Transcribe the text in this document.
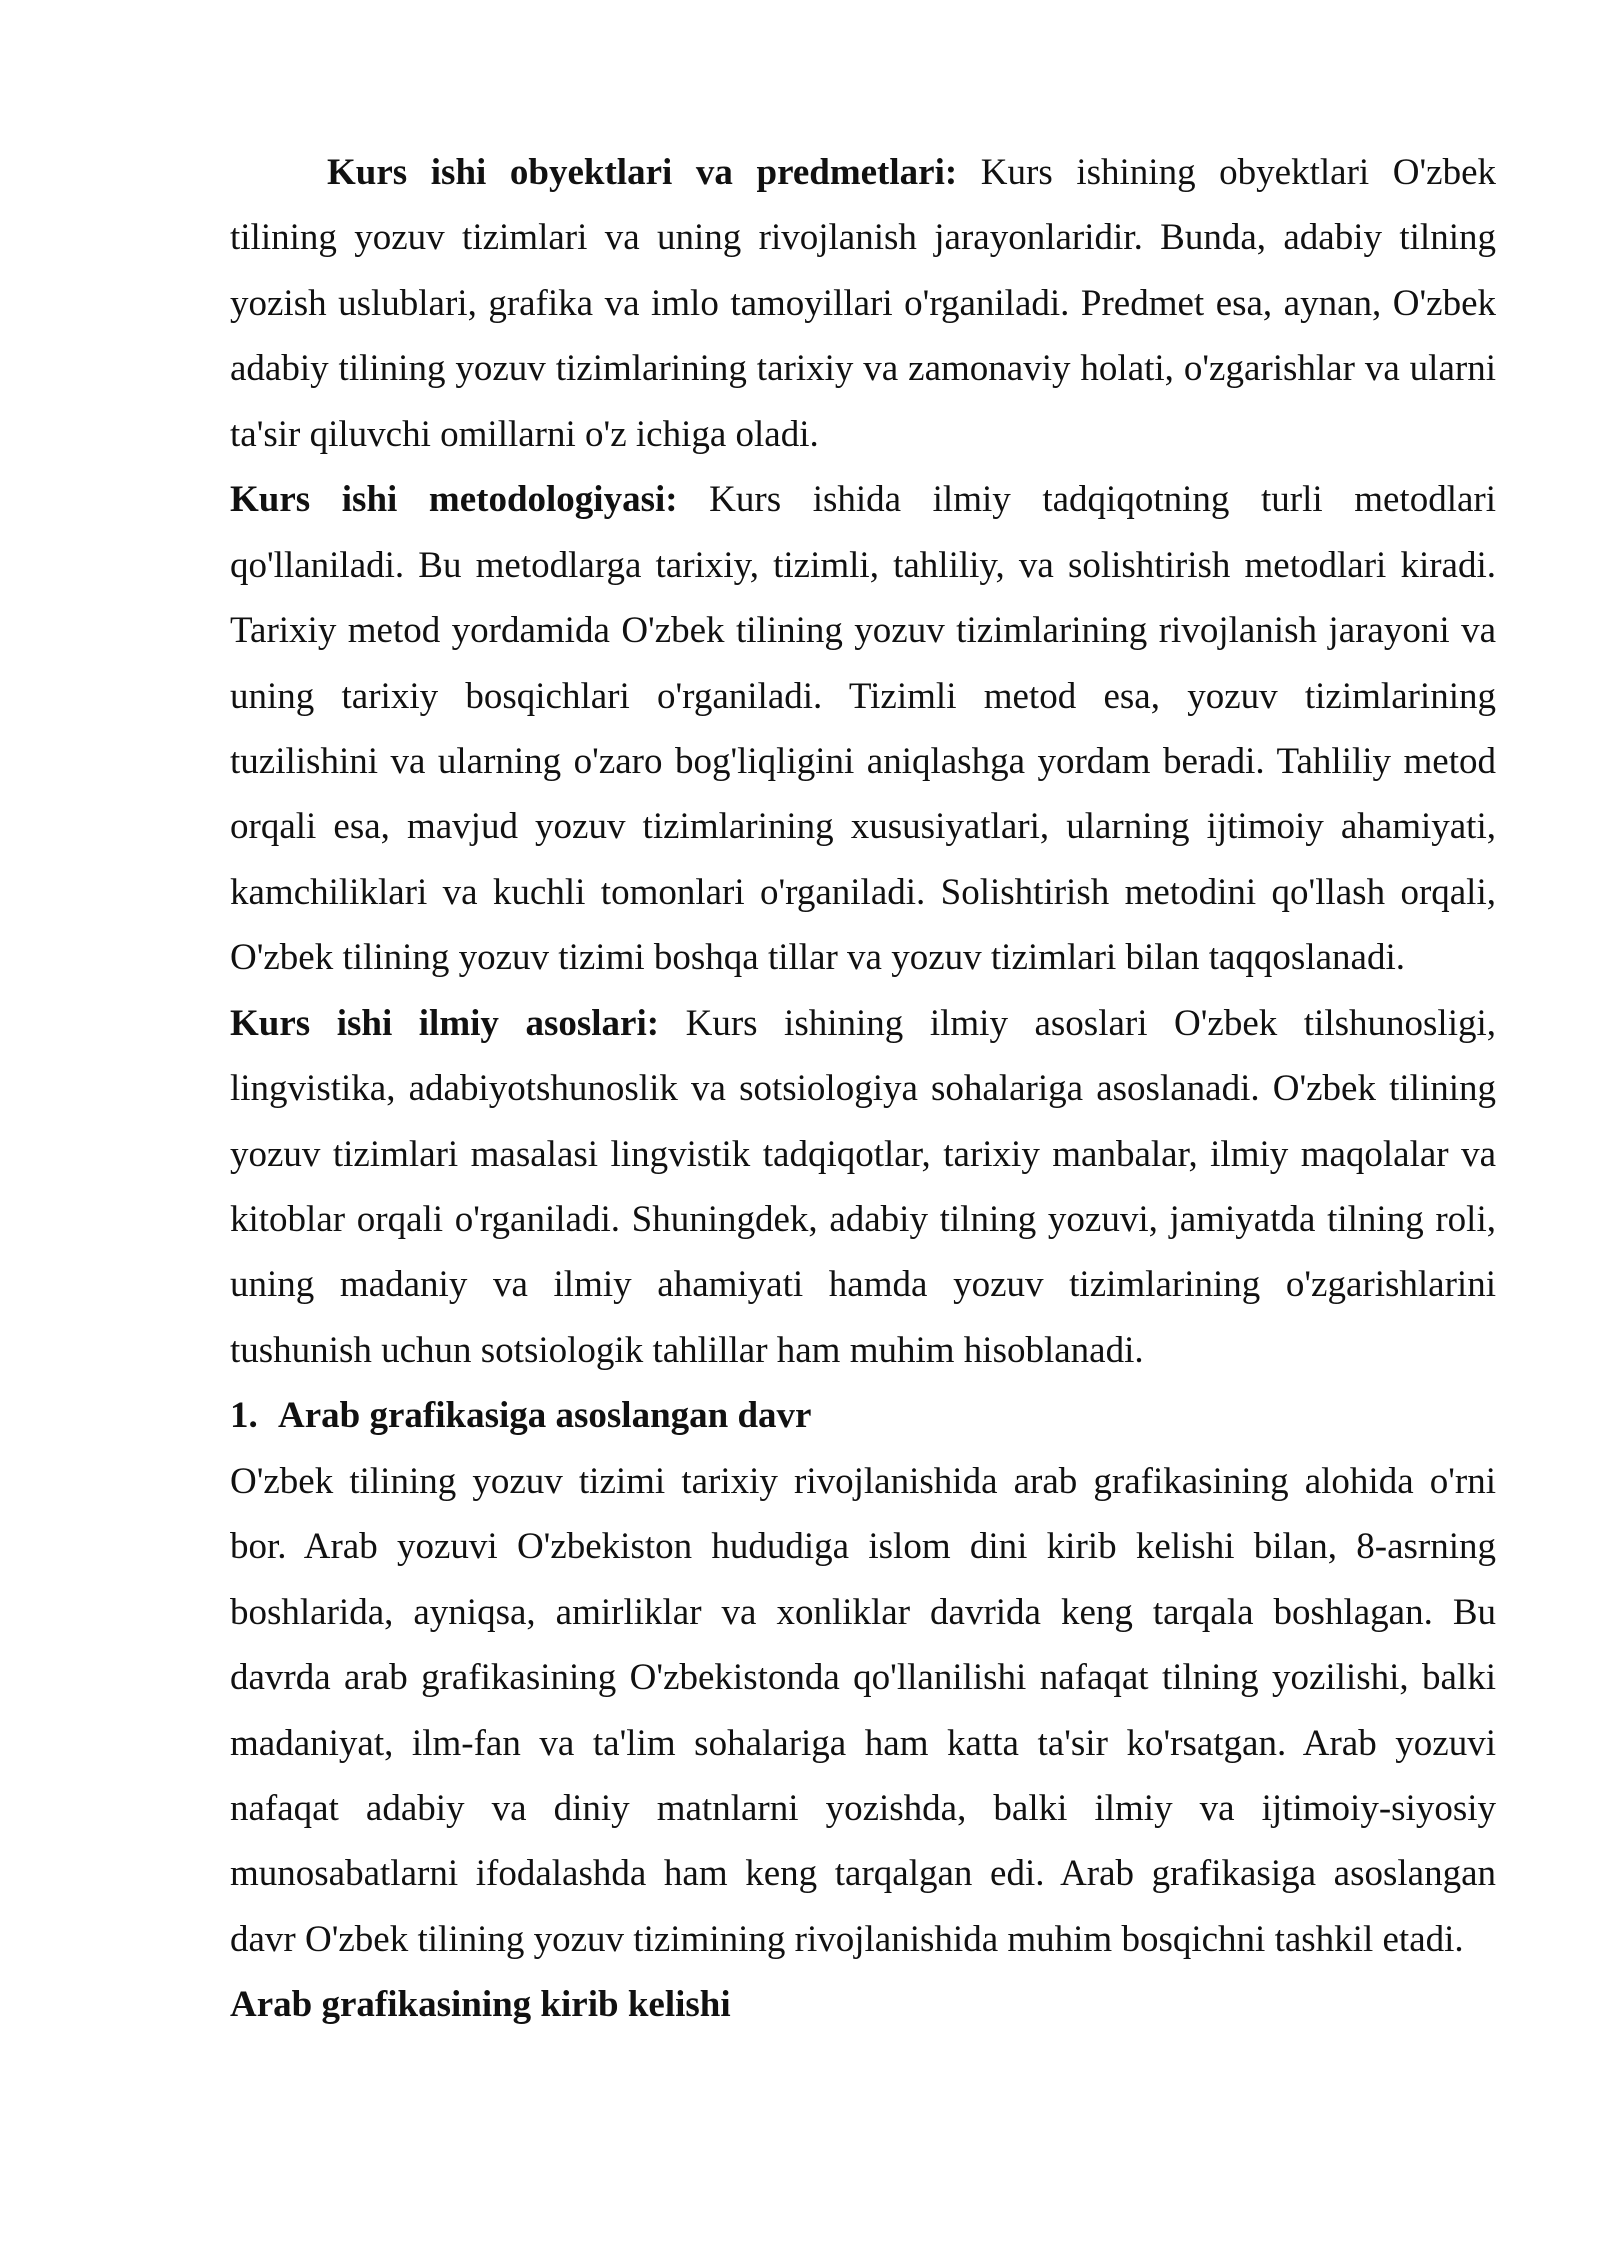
Kurs ishi obyektlari va predmetlari: Kurs ishining obyektlari O'zbek
tilining yozuv tizimlari va uning rivojlanish jarayonlaridir. Bunda, adabiy tilning
yozish uslublari, grafika va imlo tamoyillari o'rganiladi. Predmet esa, aynan, O'zbek
adabiy tilining yozuv tizimlarining tarixiy va zamonaviy holati, o'zgarishlar va ularni
ta'sir qiluvchi omillarni o'z ichiga oladi.
Kurs ishi metodologiyasi: Kurs ishida ilmiy tadqiqotning turli metodlari
qo'llaniladi. Bu metodlarga tarixiy, tizimli, tahliliy, va solishtirish metodlari kiradi.
Tarixiy metod yordamida O'zbek tilining yozuv tizimlarining rivojlanish jarayoni va
uning tarixiy bosqichlari o'rganiladi. Tizimli metod esa, yozuv tizimlarining
tuzilishini va ularning o'zaro bog'liqligini aniqlashga yordam beradi. Tahliliy metod
orqali esa, mavjud yozuv tizimlarining xususiyatlari, ularning ijtimoiy ahamiyati,
kamchiliklari va kuchli tomonlari o'rganiladi. Solishtirish metodini qo'llash orqali,
O'zbek tilining yozuv tizimi boshqa tillar va yozuv tizimlari bilan taqqoslanadi.
Kurs ishi ilmiy asoslari: Kurs ishining ilmiy asoslari O'zbek tilshunosligi,
lingvistika, adabiyotshunoslik va sotsiologiya sohalariga asoslanadi. O'zbek tilining
yozuv tizimlari masalasi lingvistik tadqiqotlar, tarixiy manbalar, ilmiy maqolalar va
kitoblar orqali o'rganiladi. Shuningdek, adabiy tilning yozuvi, jamiyatda tilning roli,
uning madaniy va ilmiy ahamiyati hamda yozuv tizimlarining o'zgarishlarini
tushunish uchun sotsiologik tahlillar ham muhim hisoblanadi.
1. Arab grafikasiga asoslangan davr
O'zbek tilining yozuv tizimi tarixiy rivojlanishida arab grafikasining alohida o'rni
bor. Arab yozuvi O'zbekiston hududiga islom dini kirib kelishi bilan, 8-asrning
boshlarida, ayniqsa, amirliklar va xonliklar davrida keng tarqala boshlagan. Bu
davrda arab grafikasining O'zbekistonda qo'llanilishi nafaqat tilning yozilishi, balki
madaniyat, ilm-fan va ta'lim sohalariga ham katta ta'sir ko'rsatgan. Arab yozuvi
nafaqat adabiy va diniy matnlarni yozishda, balki ilmiy va ijtimoiy-siyosiy
munosabatlarni ifodalashda ham keng tarqalgan edi. Arab grafikasiga asoslangan
davr O'zbek tilining yozuv tizimining rivojlanishida muhim bosqichni tashkil etadi.
Arab grafikasining kirib kelishi
